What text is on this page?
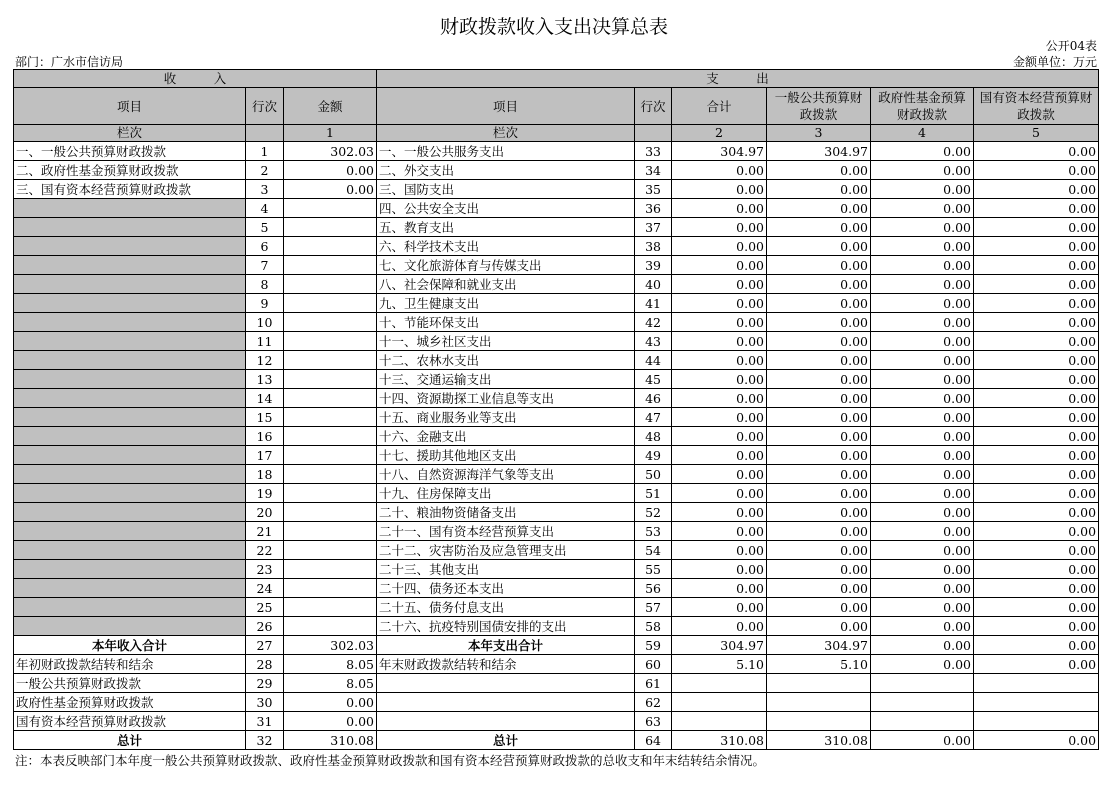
财政拨款收入支出决算总表
公开04表
部门：广水市信访局	金额单位：万元
收　　　入			支　　　出					
项目	行次	金额	项目	行次	合计	一般公共预算财政拨款	政府性基金预算财政拨款	国有资本经营预算财政拨款
栏次		1	栏次		2	3	4	5
一、一般公共预算财政拨款	1	302.03	一、一般公共服务支出	33	304.97	304.97	0.00	0.00
二、政府性基金预算财政拨款	2	0.00	二、外交支出	34	0.00	0.00	0.00	0.00
三、国有资本经营预算财政拨款	3	0.00	三、国防支出	35	0.00	0.00	0.00	0.00
	4		四、公共安全支出	36	0.00	0.00	0.00	0.00
	5		五、教育支出	37	0.00	0.00	0.00	0.00
	6		六、科学技术支出	38	0.00	0.00	0.00	0.00
	7		七、文化旅游体育与传媒支出	39	0.00	0.00	0.00	0.00
	8		八、社会保障和就业支出	40	0.00	0.00	0.00	0.00
	9		九、卫生健康支出	41	0.00	0.00	0.00	0.00
	10		十、节能环保支出	42	0.00	0.00	0.00	0.00
	11		十一、城乡社区支出	43	0.00	0.00	0.00	0.00
	12		十二、农林水支出	44	0.00	0.00	0.00	0.00
	13		十三、交通运输支出	45	0.00	0.00	0.00	0.00
	14		十四、资源勘探工业信息等支出	46	0.00	0.00	0.00	0.00
	15		十五、商业服务业等支出	47	0.00	0.00	0.00	0.00
	16		十六、金融支出	48	0.00	0.00	0.00	0.00
	17		十七、援助其他地区支出	49	0.00	0.00	0.00	0.00
	18		十八、自然资源海洋气象等支出	50	0.00	0.00	0.00	0.00
	19		十九、住房保障支出	51	0.00	0.00	0.00	0.00
	20		二十、粮油物资储备支出	52	0.00	0.00	0.00	0.00
	21		二十一、国有资本经营预算支出	53	0.00	0.00	0.00	0.00
	22		二十二、灾害防治及应急管理支出	54	0.00	0.00	0.00	0.00
	23		二十三、其他支出	55	0.00	0.00	0.00	0.00
	24		二十四、债务还本支出	56	0.00	0.00	0.00	0.00
	25		二十五、债务付息支出	57	0.00	0.00	0.00	0.00
	26		二十六、抗疫特别国债安排的支出	58	0.00	0.00	0.00	0.00
本年收入合计	27	302.03	本年支出合计	59	304.97	304.97	0.00	0.00
年初财政拨款结转和结余	28	8.05	年末财政拨款结转和结余	60	5.10	5.10	0.00	0.00
一般公共预算财政拨款	29	8.05		61				
政府性基金预算财政拨款	30	0.00		62				
国有资本经营预算财政拨款	31	0.00		63				
总计	32	310.08	总计	64	310.08	310.08	0.00	0.00
注：本表反映部门本年度一般公共预算财政拨款、政府性基金预算财政拨款和国有资本经营预算财政拨款的总收支和年末结转结余情况。
